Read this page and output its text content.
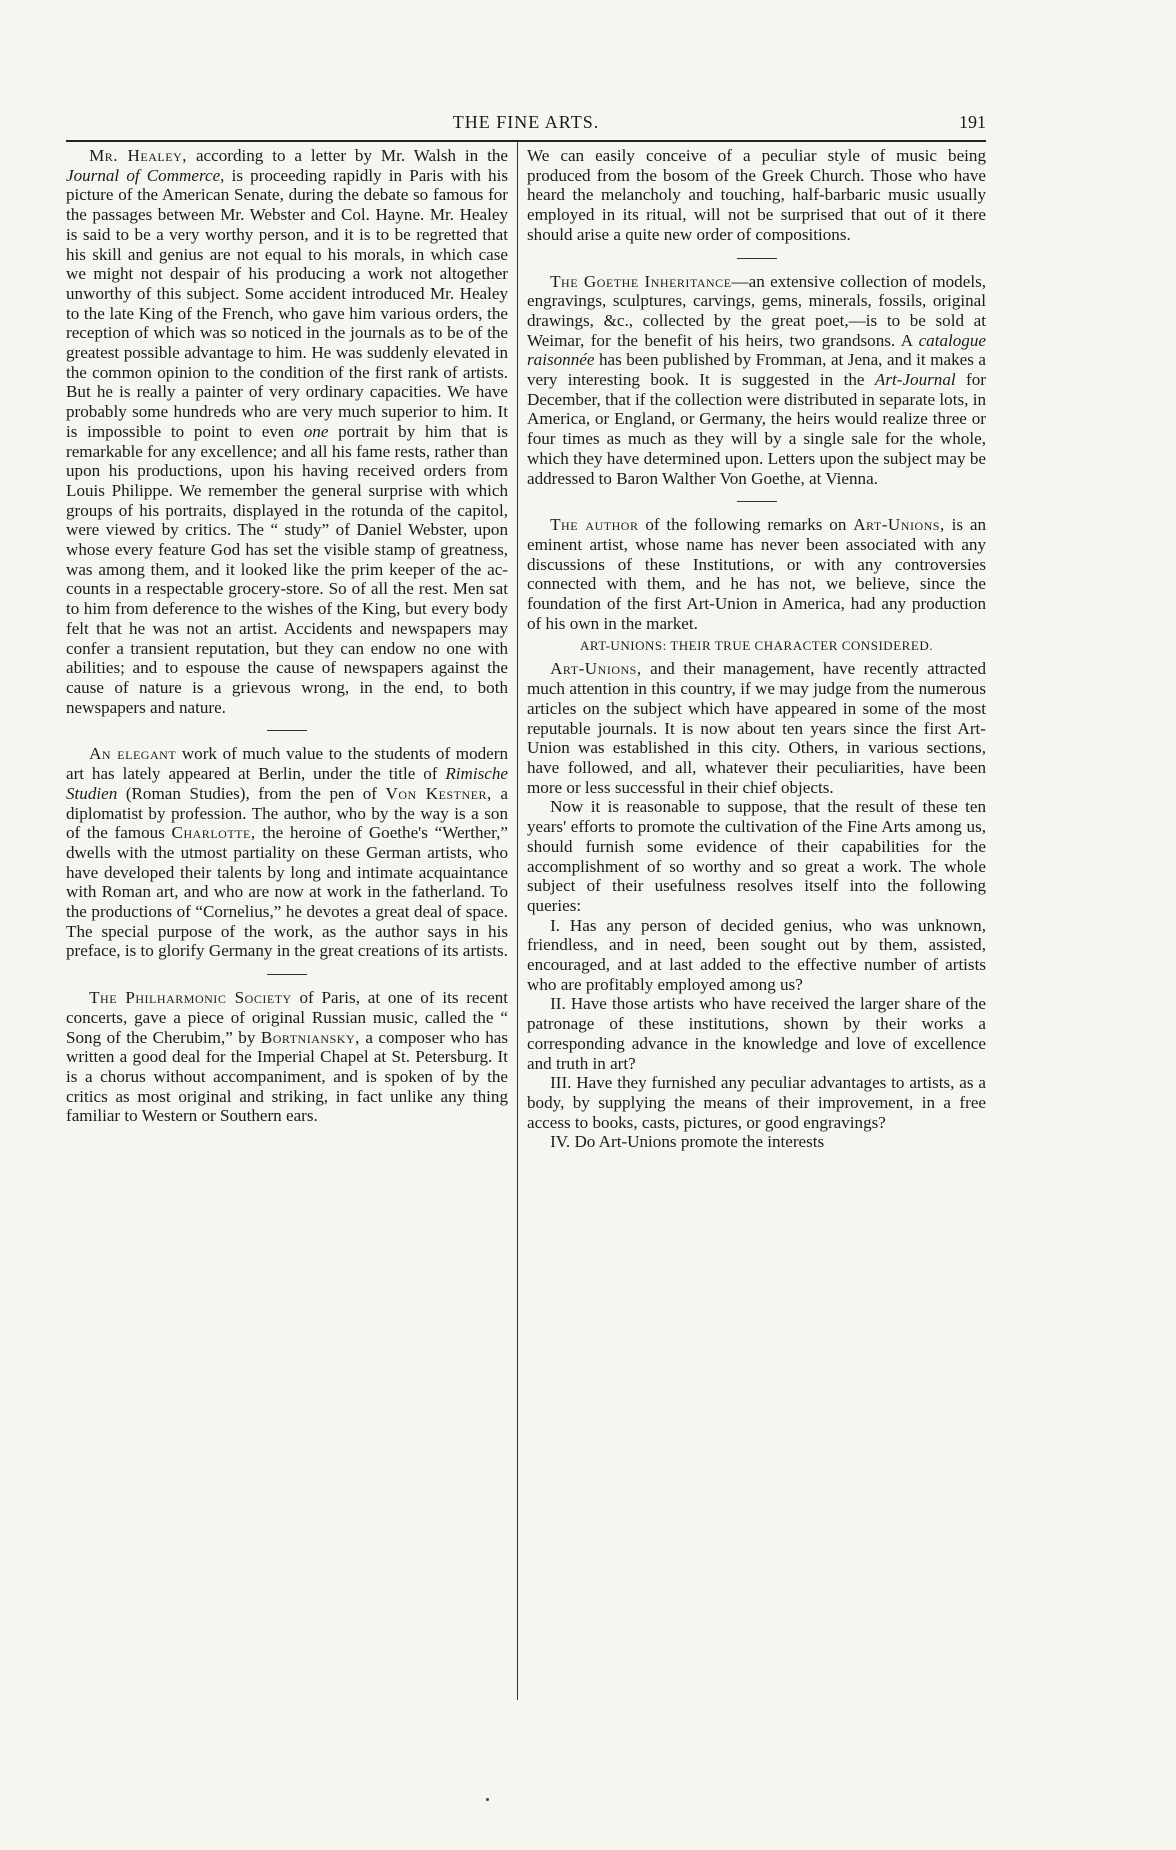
THE FINE ARTS.	191

Mr. Healey, according to a letter by Mr. Walsh in the Journal of Commerce, is proceeding rapidly in Paris with his picture of the American Senate, during the debate so famous for the passages between Mr. Webster and Col. Hayne. Mr. Healey is said to be a very worthy person, and it is to be regretted that his skill and genius are not equal to his morals, in which case we might not despair of his producing a work not altogether unworthy of this subject. Some accident introduced Mr. Healey to the late King of the French, who gave him various orders, the reception of which was so noticed in the journals as to be of the greatest possible advantage to him. He was suddenly elevated in the common opinion to the condition of the first rank of artists. But he is really a painter of very ordinary capacities. We have probably some hundreds who are very much superior to him. It is impossible to point to even one portrait by him that is remarkable for any excellence; and all his fame rests, rather than upon his productions, upon his having received orders from Louis Philippe. We remember the general surprise with which groups of his portraits, displayed in the rotunda of the capitol, were viewed by critics. The “ study” of Daniel Webster, upon whose every feature God has set the visible stamp of greatness, was among them, and it looked like the prim keeper of the accounts in a respectable grocery-store. So of all the rest. Men sat to him from deference to the wishes of the King, but every body felt that he was not an artist. Accidents and newspapers may confer a transient reputation, but they can endow no one with abilities; and to espouse the cause of newspapers against the cause of nature is a grievous wrong, in the end, to both newspapers and nature.

An elegant work of much value to the students of modern art has lately appeared at Berlin, under the title of Rimische Studien (Roman Studies), from the pen of Von Kestner, a diplomatist by profession. The author, who by the way is a son of the famous Charlotte, the heroine of Goethe's “Werther,” dwells with the utmost partiality on these German artists, who have developed their talents by long and intimate acquaintance with Roman art, and who are now at work in the fatherland. To the productions of “Cornelius,” he devotes a great deal of space. The special purpose of the work, as the author says in his preface, is to glorify Germany in the great creations of its artists.

The Philharmonic Society of Paris, at one of its recent concerts, gave a piece of original Russian music, called the “ Song of the Cherubim,” by Bortniansky, a composer who has written a good deal for the Imperial Chapel at St. Petersburg. It is a chorus without accompaniment, and is spoken of by the critics as most original and striking, in fact unlike any thing familiar to Western or Southern ears.

We can easily conceive of a peculiar style of music being produced from the bosom of the Greek Church. Those who have heard the melancholy and touching, half-barbaric music usually employed in its ritual, will not be surprised that out of it there should arise a quite new order of compositions.

The Goethe Inheritance—an extensive collection of models, engravings, sculptures, carvings, gems, minerals, fossils, original drawings, &c., collected by the great poet,—is to be sold at Weimar, for the benefit of his heirs, two grandsons. A catalogue raisonnée has been published by Fromman, at Jena, and it makes a very interesting book. It is suggested in the Art-Journal for December, that if the collection were distributed in separate lots, in America, or England, or Germany, the heirs would realize three or four times as much as they will by a single sale for the whole, which they have determined upon. Letters upon the subject may be addressed to Baron Walther Von Goethe, at Vienna.

The author of the following remarks on Art-Unions, is an eminent artist, whose name has never been associated with any discussions of these Institutions, or with any controversies connected with them, and he has not, we believe, since the foundation of the first Art-Union in America, had any production of his own in the market.

ART-UNIONS: THEIR TRUE CHARACTER CONSIDERED.

Art-Unions, and their management, have recently attracted much attention in this country, if we may judge from the numerous articles on the subject which have appeared in some of the most reputable journals. It is now about ten years since the first Art-Union was established in this city. Others, in various sections, have followed, and all, whatever their peculiarities, have been more or less successful in their chief objects.

Now it is reasonable to suppose, that the result of these ten years' efforts to promote the cultivation of the Fine Arts among us, should furnish some evidence of their capabilities for the accomplishment of so worthy and so great a work. The whole subject of their usefulness resolves itself into the following queries:

I. Has any person of decided genius, who was unknown, friendless, and in need, been sought out by them, assisted, encouraged, and at last added to the effective number of artists who are profitably employed among us?

II. Have those artists who have received the larger share of the patronage of these institutions, shown by their works a corresponding advance in the knowledge and love of excellence and truth in art?

III. Have they furnished any peculiar advantages to artists, as a body, by supplying the means of their improvement, in a free access to books, casts, pictures, or good engravings?

IV. Do Art-Unions promote the interests
